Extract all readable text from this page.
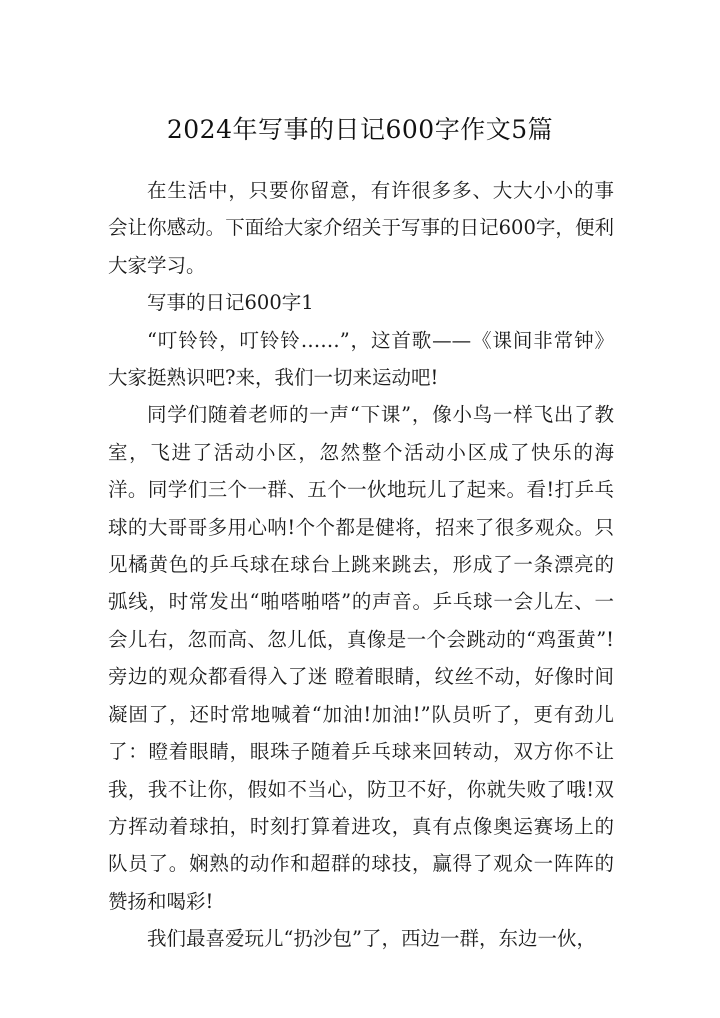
2024年写事的日记600字作文5篇

在生活中，只要你留意，有许很多多、大大小小的事会让你感动。下面给大家介绍关于写事的日记600字，便利大家学习。

写事的日记600字1

“叮铃铃，叮铃铃……”，这首歌——《课间非常钟》大家挺熟识吧?来，我们一切来运动吧!

同学们随着老师的一声“下课”，像小鸟一样飞出了教室，飞进了活动小区，忽然整个活动小区成了快乐的海洋。同学们三个一群、五个一伙地玩儿了起来。看!打乒乓球的大哥哥多用心呐!个个都是健将，招来了很多观众。只见橘黄色的乒乓球在球台上跳来跳去，形成了一条漂亮的弧线，时常发出“啪嗒啪嗒”的声音。乒乓球一会儿左、一会儿右，忽而高、忽儿低，真像是一个会跳动的“鸡蛋黄”!旁边的观众都看得入了迷 瞪着眼睛，纹丝不动，好像时间凝固了，还时常地喊着“加油!加油!”队员听了，更有劲儿了：瞪着眼睛，眼珠子随着乒乓球来回转动，双方你不让我，我不让你，假如不当心，防卫不好，你就失败了哦!双方挥动着球拍，时刻打算着进攻，真有点像奥运赛场上的队员了。娴熟的动作和超群的球技，赢得了观众一阵阵的赞扬和喝彩!

我们最喜爱玩儿“扔沙包”了，西边一群，东边一伙，
